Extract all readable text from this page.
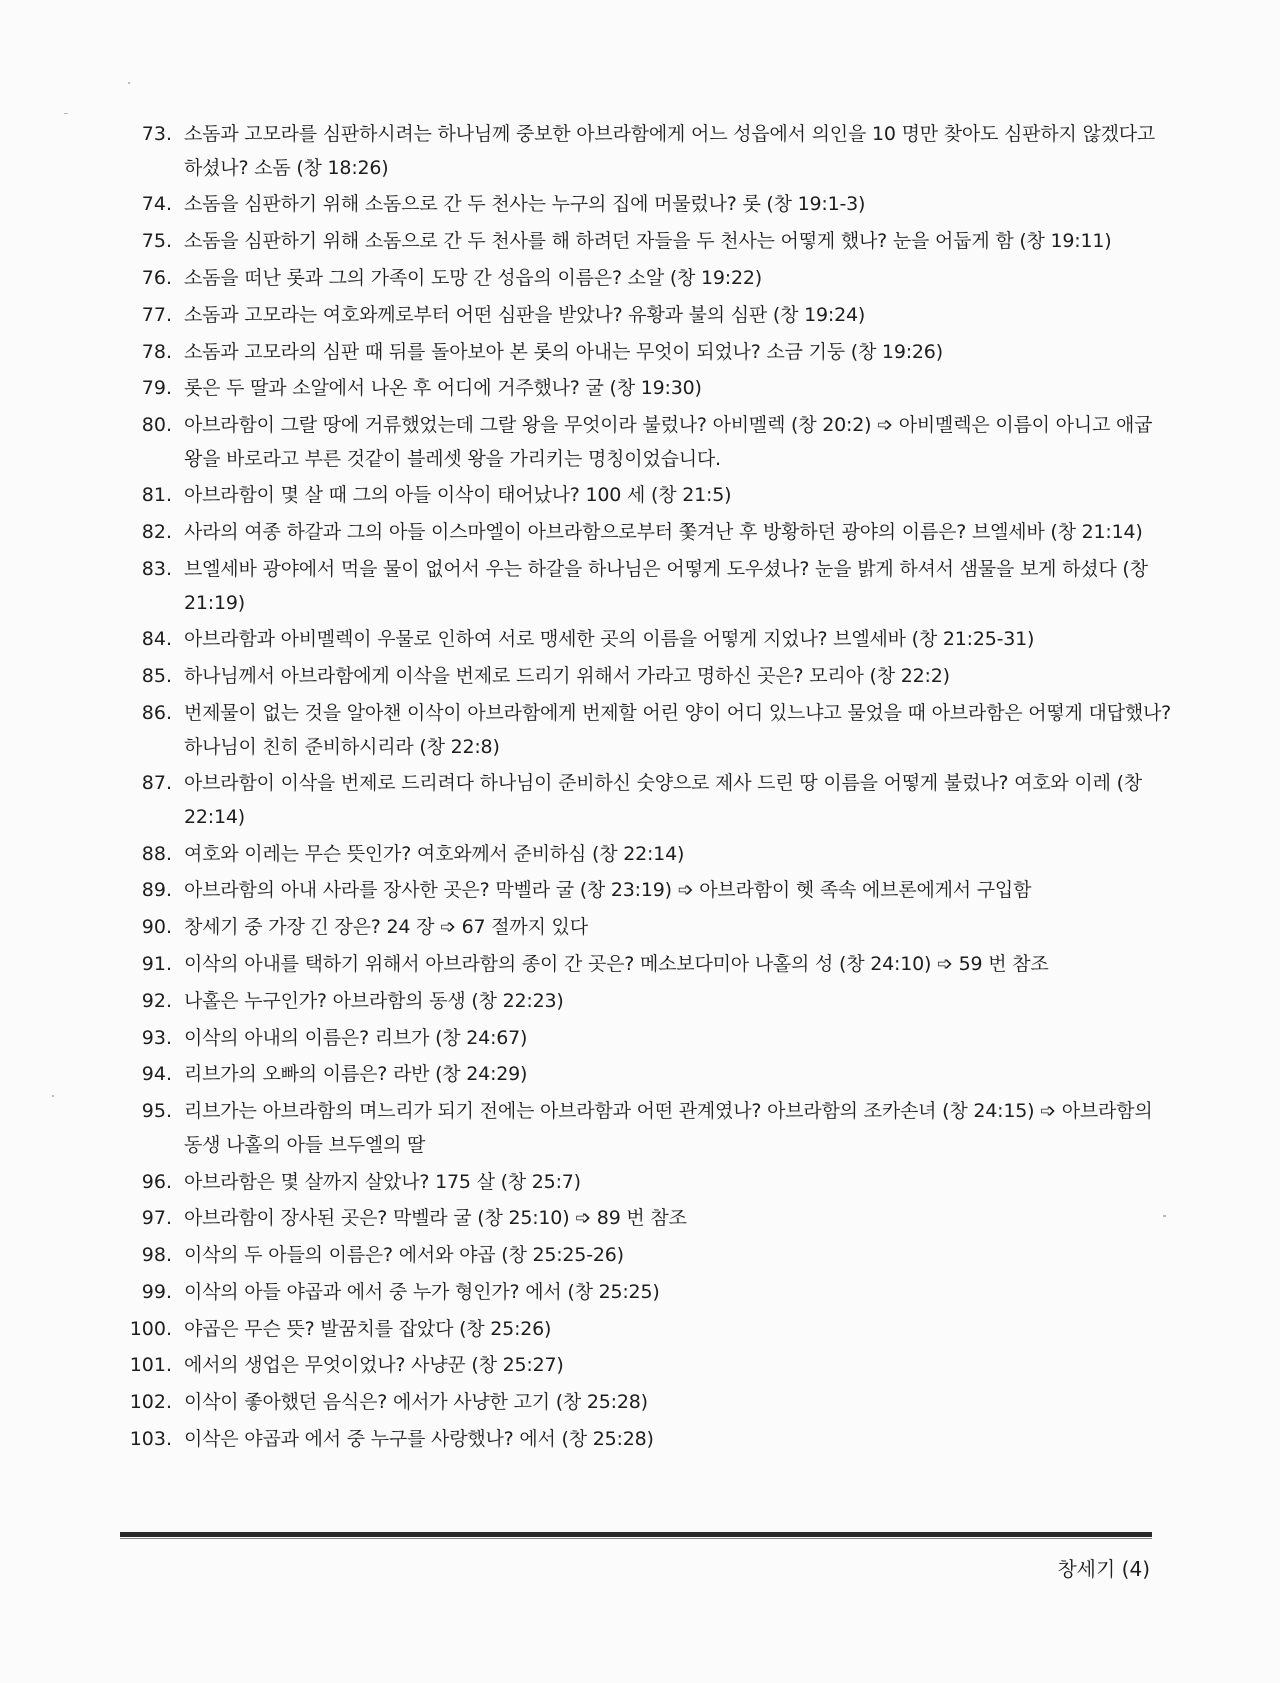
73. 소돔과 고모라를 심판하시려는 하나님께 중보한 아브라함에게 어느 성읍에서 의인을 10 명만 찾아도 심판하지 않겠다고 하셨나? 소돔 (창 18:26)
74. 소돔을 심판하기 위해 소돔으로 간 두 천사는 누구의 집에 머물렀나? 롯 (창 19:1-3)
75. 소돔을 심판하기 위해 소돔으로 간 두 천사를 해 하려던 자들을 두 천사는 어떻게 했나? 눈을 어둡게 함 (창 19:11)
76. 소돔을 떠난 롯과 그의 가족이 도망 간 성읍의 이름은? 소알 (창 19:22)
77. 소돔과 고모라는 여호와께로부터 어떤 심판을 받았나? 유황과 불의 심판 (창 19:24)
78. 소돔과 고모라의 심판 때 뒤를 돌아보아 본 롯의 아내는 무엇이 되었나? 소금 기둥 (창 19:26)
79. 롯은 두 딸과 소알에서 나온 후 어디에 거주했나? 굴 (창 19:30)
80. 아브라함이 그랄 땅에 거류했었는데 그랄 왕을 무엇이라 불렀나? 아비멜렉 (창 20:2) ➩ 아비멜렉은 이름이 아니고 애굽 왕을 바로라고 부른 것같이 블레셋 왕을 가리키는 명칭이었습니다.
81. 아브라함이 몇 살 때 그의 아들 이삭이 태어났나? 100 세 (창 21:5)
82. 사라의 여종 하갈과 그의 아들 이스마엘이 아브라함으로부터 쫓겨난 후 방황하던 광야의 이름은? 브엘세바 (창 21:14)
83. 브엘세바 광야에서 먹을 물이 없어서 우는 하갈을 하나님은 어떻게 도우셨나? 눈을 밝게 하셔서 샘물을 보게 하셨다 (창 21:19)
84. 아브라함과 아비멜렉이 우물로 인하여 서로 맹세한 곳의 이름을 어떻게 지었나? 브엘세바 (창 21:25-31)
85. 하나님께서 아브라함에게 이삭을 번제로 드리기 위해서 가라고 명하신 곳은? 모리아 (창 22:2)
86. 번제물이 없는 것을 알아챈 이삭이 아브라함에게 번제할 어린 양이 어디 있느냐고 물었을 때 아브라함은 어떻게 대답했나? 하나님이 친히 준비하시리라 (창 22:8)
87. 아브라함이 이삭을 번제로 드리려다 하나님이 준비하신 숫양으로 제사 드린 땅 이름을 어떻게 불렀나? 여호와 이레 (창 22:14)
88. 여호와 이레는 무슨 뜻인가? 여호와께서 준비하심 (창 22:14)
89. 아브라함의 아내 사라를 장사한 곳은? 막벨라 굴 (창 23:19) ➩ 아브라함이 헷 족속 에브론에게서 구입함
90. 창세기 중 가장 긴 장은? 24 장 ➩ 67 절까지 있다
91. 이삭의 아내를 택하기 위해서 아브라함의 종이 간 곳은? 메소보다미아 나홀의 성 (창 24:10) ➩ 59 번 참조
92. 나홀은 누구인가? 아브라함의 동생 (창 22:23)
93. 이삭의 아내의 이름은? 리브가 (창 24:67)
94. 리브가의 오빠의 이름은? 라반 (창 24:29)
95. 리브가는 아브라함의 며느리가 되기 전에는 아브라함과 어떤 관계였나? 아브라함의 조카손녀 (창 24:15) ➩ 아브라함의 동생 나홀의 아들 브두엘의 딸
96. 아브라함은 몇 살까지 살았나? 175 살 (창 25:7)
97. 아브라함이 장사된 곳은? 막벨라 굴 (창 25:10) ➩ 89 번 참조
98. 이삭의 두 아들의 이름은? 에서와 야곱 (창 25:25-26)
99. 이삭의 아들 야곱과 에서 중 누가 형인가? 에서 (창 25:25)
100. 야곱은 무슨 뜻? 발꿈치를 잡았다 (창 25:26)
101. 에서의 생업은 무엇이었나? 사냥꾼 (창 25:27)
102. 이삭이 좋아했던 음식은? 에서가 사냥한 고기 (창 25:28)
103. 이삭은 야곱과 에서 중 누구를 사랑했나? 에서 (창 25:28)
창세기 (4)
